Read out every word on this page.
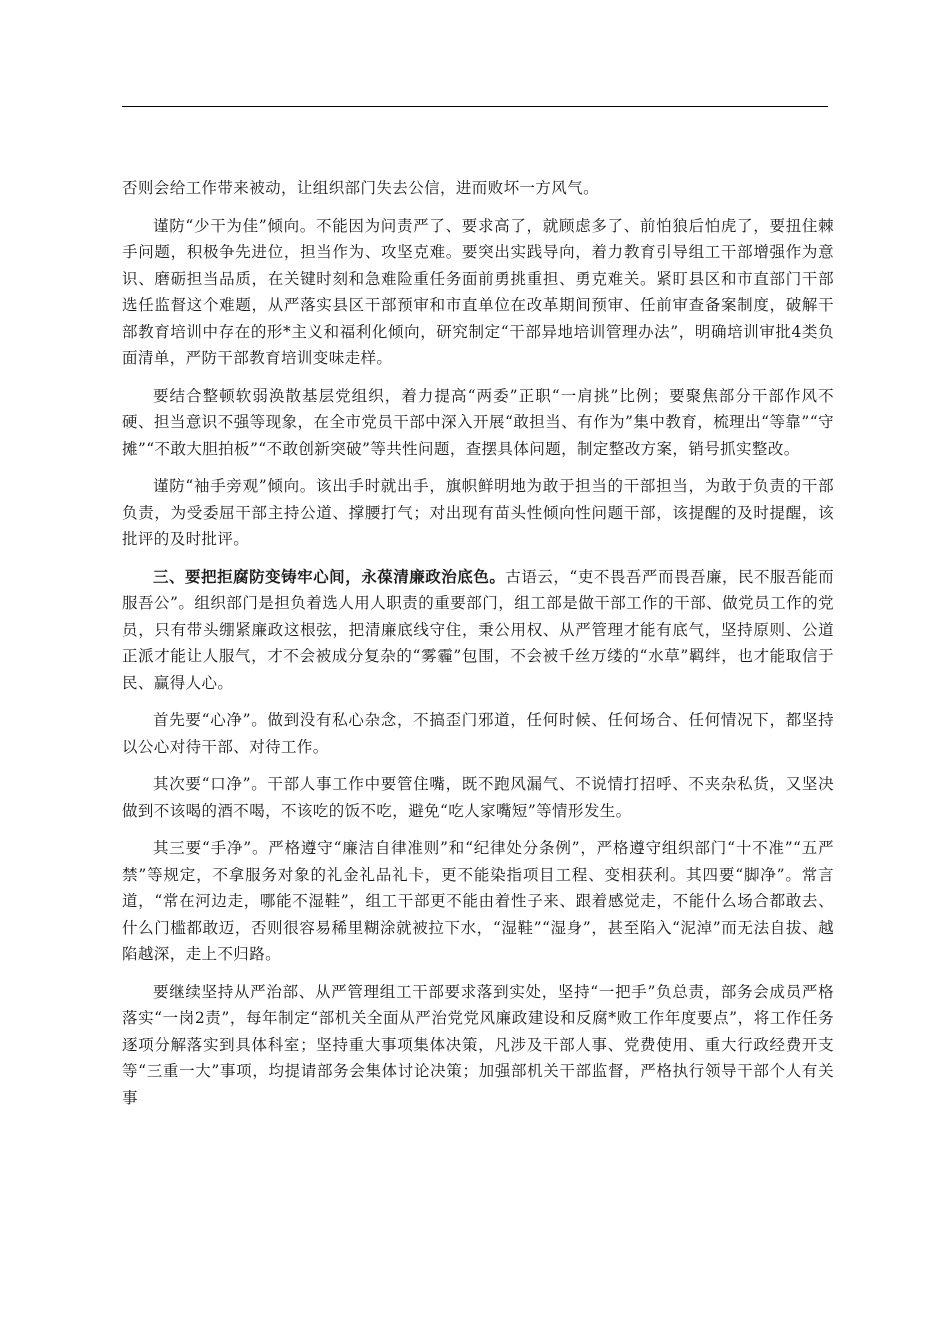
否则会给工作带来被动，让组织部门失去公信，进而败坏一方风气。

谨防“少干为佳”倾向。不能因为问责严了、要求高了，就顾虑多了、前怕狼后怕虎了，要扭住棘手问题，积极争先进位，担当作为、攻坚克难。要突出实践导向，着力教育引导组工干部增强作为意识、磨砺担当品质，在关键时刻和急难险重任务面前勇挑重担、勇克难关。紧盯县区和市直部门干部选任监督这个难题，从严落实县区干部预审和市直单位在改革期间预审、任前审查备案制度，破解干部教育培训中存在的形*主义和福利化倾向，研究制定“干部异地培训管理办法”，明确培训审批4类负面清单，严防干部教育培训变味走样。

要结合整顿软弱涣散基层党组织，着力提高“两委”正职“一肩挑”比例；要聚焦部分干部作风不硬、担当意识不强等现象，在全市党员干部中深入开展“敢担当、有作为”集中教育，梳理出“等靠”“守摊”“不敢大胆拍板”“不敢创新突破”等共性问题，查摆具体问题，制定整改方案，销号抓实整改。

谨防“袖手旁观”倾向。该出手时就出手，旗帜鲜明地为敢于担当的干部担当，为敢于负责的干部负责，为受委屈干部主持公道、撑腰打气；对出现有苗头性倾向性问题干部，该提醒的及时提醒，该批评的及时批评。

三、要把拒腐防变铸牢心间，永葆清廉政治底色。古语云，“吏不畏吾严而畏吾廉，民不服吾能而服吾公”。组织部门是担负着选人用人职责的重要部门，组工部是做干部工作的干部、做党员工作的党员，只有带头绷紧廉政这根弦，把清廉底线守住，秉公用权、从严管理才能有底气，坚持原则、公道正派才能让人服气，才不会被成分复杂的“雾霾”包围，不会被千丝万缕的“水草”羁绊，也才能取信于民、赢得人心。

首先要“心净”。做到没有私心杂念，不搞歪门邪道，任何时候、任何场合、任何情况下，都坚持以公心对待干部、对待工作。

其次要“口净”。干部人事工作中要管住嘴，既不跑风漏气、不说情打招呼、不夹杂私货，又坚决做到不该喝的酒不喝，不该吃的饭不吃，避免“吃人家嘴短”等情形发生。

其三要“手净”。严格遵守“廉洁自律准则”和“纪律处分条例”，严格遵守组织部门“十不准”“五严禁”等规定，不拿服务对象的礼金礼品礼卡，更不能染指项目工程、变相获利。其四要“脚净”。常言道，“常在河边走，哪能不湿鞋”，组工干部更不能由着性子来、跟着感觉走，不能什么场合都敢去、什么门槛都敢迈，否则很容易稀里糊涂就被拉下水，“湿鞋”“湿身”，甚至陷入“泥淖”而无法自拔、越陷越深，走上不归路。

要继续坚持从严治部、从严管理组工干部要求落到实处，坚持“一把手”负总责，部务会成员严格落实“一岗2责”，每年制定“部机关全面从严治党党风廉政建设和反腐*败工作年度要点”，将工作任务逐项分解落实到具体科室；坚持重大事项集体决策，凡涉及干部人事、党费使用、重大行政经费开支等“三重一大”事项，均提请部务会集体讨论决策；加强部机关干部监督，严格执行领导干部个人有关事
